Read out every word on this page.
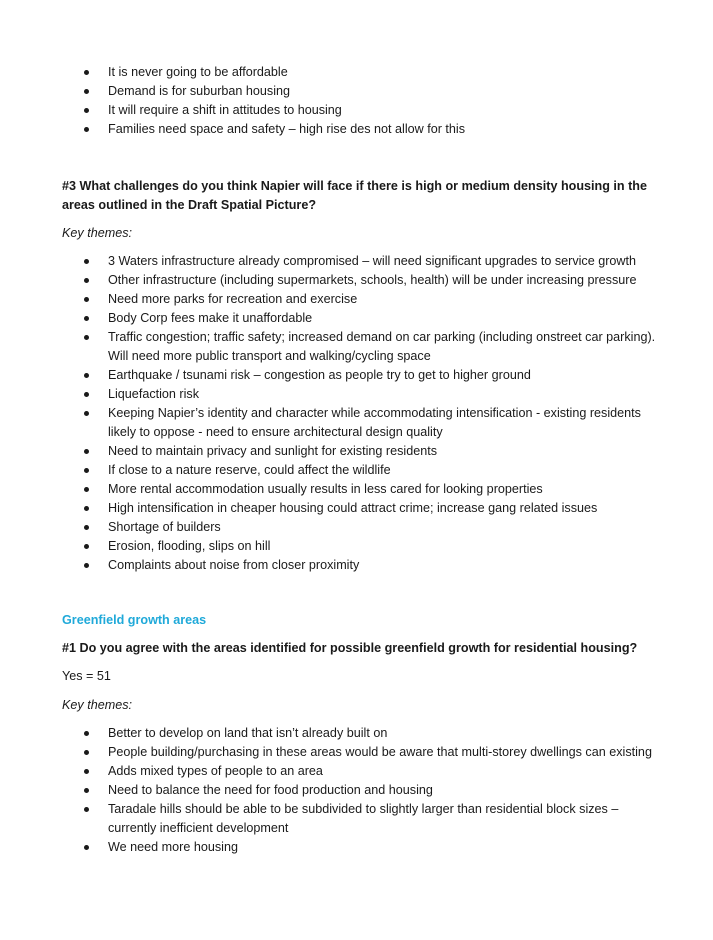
It is never going to be affordable
Demand is for suburban housing
It will require a shift in attitudes to housing
Families need space and safety – high rise des not allow for this
#3 What challenges do you think Napier will face if there is high or medium density housing in the areas outlined in the Draft Spatial Picture?
Key themes:
3 Waters infrastructure already compromised – will need significant upgrades to service growth
Other infrastructure (including supermarkets, schools, health) will be under increasing pressure
Need more parks for recreation and exercise
Body Corp fees make it unaffordable
Traffic congestion; traffic safety; increased demand on car parking (including onstreet car parking). Will need more public transport and walking/cycling space
Earthquake / tsunami risk – congestion as people try to get to higher ground
Liquefaction risk
Keeping Napier’s identity and character while accommodating intensification - existing residents likely to oppose - need to ensure architectural design quality
Need to maintain privacy and sunlight for existing residents
If close to a nature reserve, could affect the wildlife
More rental accommodation usually results in less cared for looking properties
High intensification in cheaper housing could attract crime; increase gang related issues
Shortage of builders
Erosion, flooding, slips on hill
Complaints about noise from closer proximity
Greenfield growth areas
#1 Do you agree with the areas identified for possible greenfield growth for residential housing?
Yes = 51
Key themes:
Better to develop on land that isn’t already built on
People building/purchasing in these areas would be aware that multi-storey dwellings can existing
Adds mixed types of people to an area
Need to balance the need for food production and housing
Taradale hills should be able to be subdivided to slightly larger than residential block sizes – currently inefficient development
We need more housing
